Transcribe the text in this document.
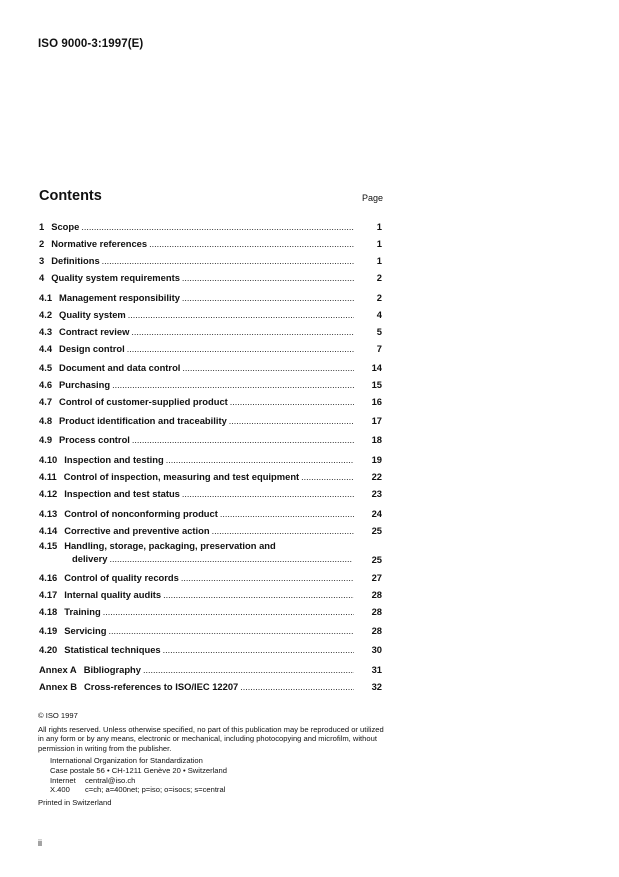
ISO 9000-3:1997(E)
Contents	Page
1 Scope .....	1
2 Normative references .....	1
3 Definitions .....	1
4 Quality system requirements .....	2
4.1 Management responsibility .....	2
4.2 Quality system .....	4
4.3 Contract review .....	5
4.4 Design control .....	7
4.5 Document and data control .....	14
4.6 Purchasing .....	15
4.7 Control of customer-supplied product .....	16
4.8 Product identification and traceability .....	17
4.9 Process control .....	18
4.10 Inspection and testing .....	19
4.11 Control of inspection, measuring and test equipment .....	22
4.12 Inspection and test status .....	23
4.13 Control of nonconforming product .....	24
4.14 Corrective and preventive action .....	25
4.15 Handling, storage, packaging, preservation and
delivery .....	25
4.16 Control of quality records .....	27
4.17 Internal quality audits .....	28
4.18 Training .....	28
4.19 Servicing .....	28
4.20 Statistical techniques .....	30
Annex A Bibliography .....	31
Annex B Cross-references to ISO/IEC 12207 .....	32
© ISO 1997
All rights reserved. Unless otherwise specified, no part of this publication may be reproduced or utilized in any form or by any means, electronic or mechanical, including photocopying and microfilm, without permission in writing from the publisher.
International Organization for Standardization
Case postale 56 • CH-1211 Genève 20 • Switzerland
Internet	central@iso.ch
X.400	c=ch; a=400net; p=iso; o=isocs; s=central
Printed in Switzerland
ii
